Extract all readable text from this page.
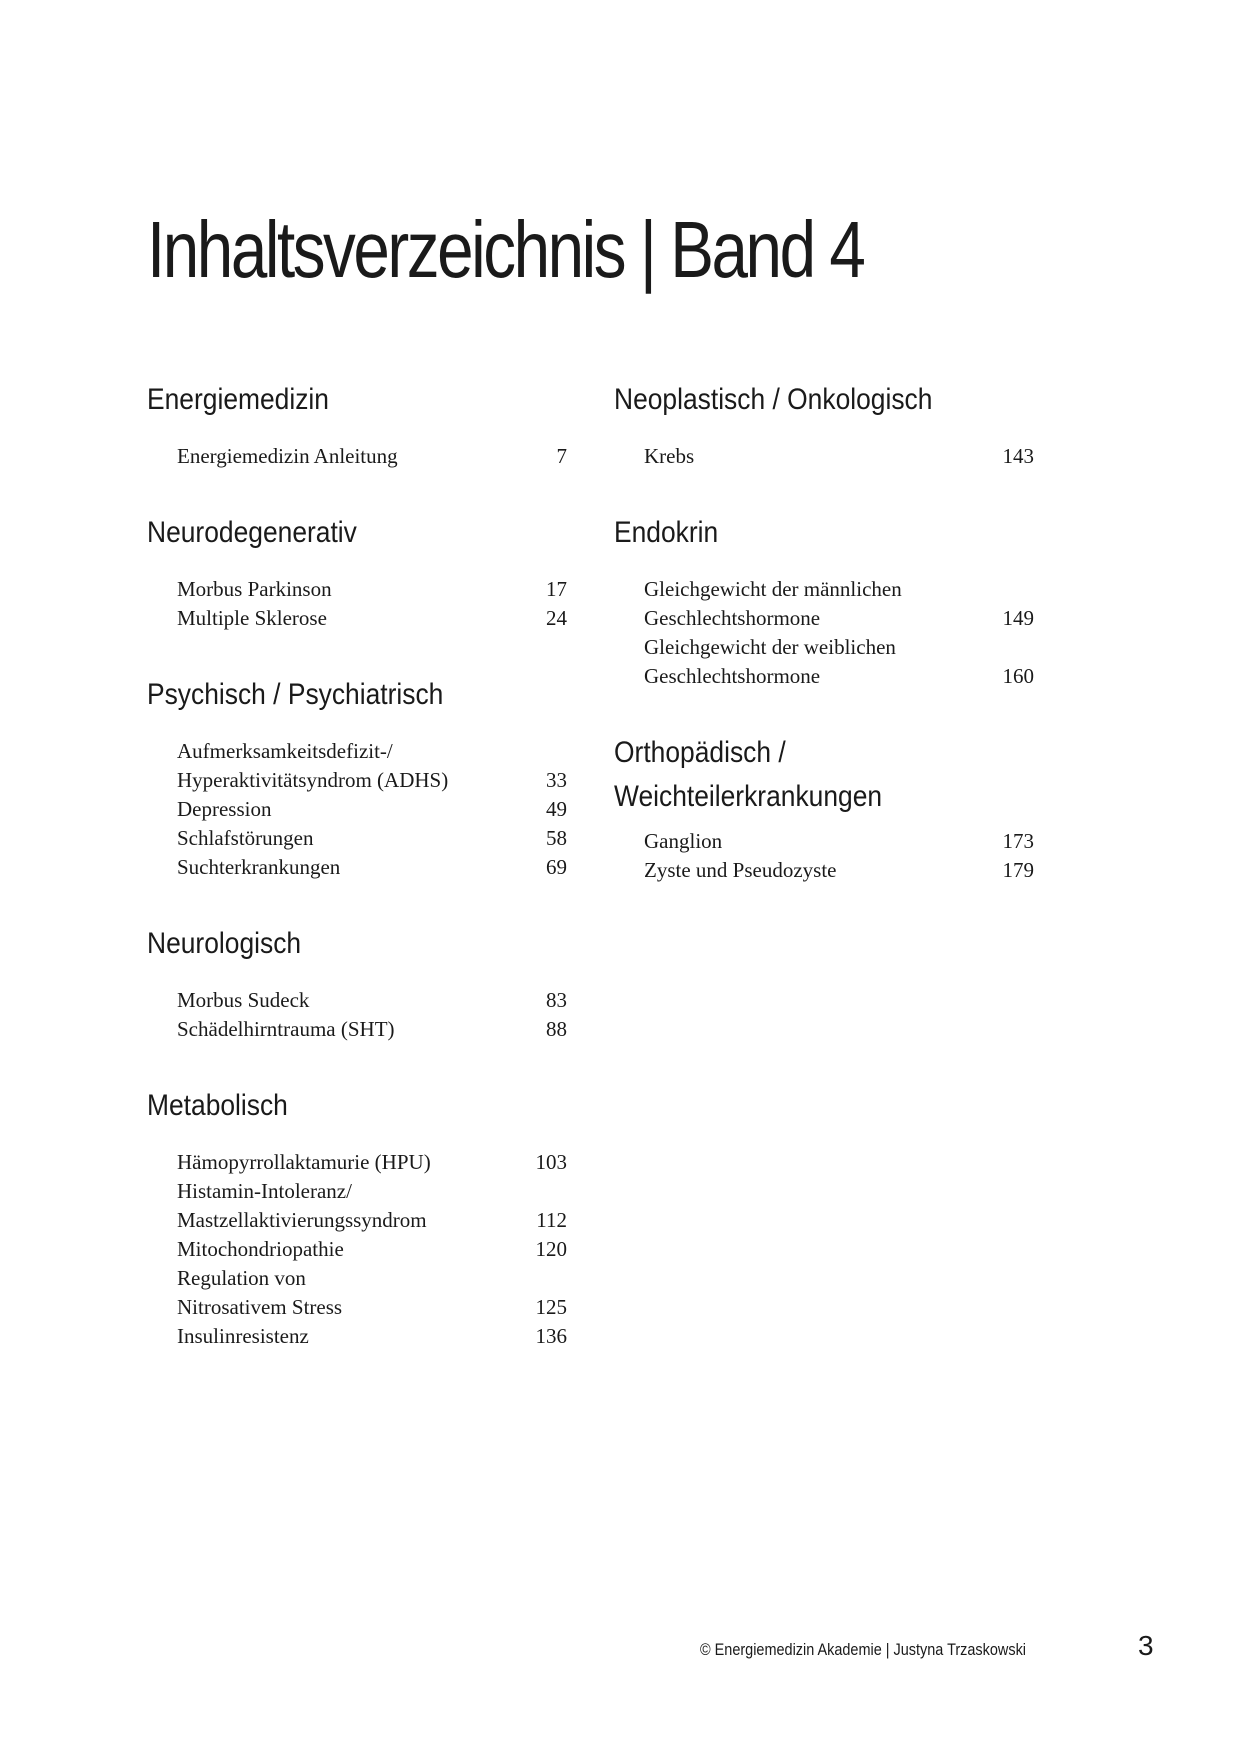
Inhaltsverzeichnis | Band 4
Energiemedizin
Energiemedizin Anleitung	7
Neurodegenerativ
Morbus Parkinson	17
Multiple Sklerose	24
Psychisch / Psychiatrisch
Aufmerksamkeitsdefizit-/
Hyperaktivitätsyndrom (ADHS)	33
Depression	49
Schlafstörungen	58
Suchterkrankungen	69
Neurologisch
Morbus Sudeck	83
Schädelhirntrauma (SHT)	88
Metabolisch
Hämopyrrollaktamurie (HPU)	103
Histamin-Intoleranz/
Mastzellaktivierungssyndrom	112
Mitochondriopathie	120
Regulation von
Nitrosativem Stress	125
Insulinresistenz	136
Neoplastisch / Onkologisch
Krebs	143
Endokrin
Gleichgewicht der männlichen
Geschlechtshormone	149
Gleichgewicht der weiblichen
Geschlechtshormone	160
Orthopädisch / Weichteilerkrankungen
Ganglion	173
Zyste und Pseudozyste	179
© Energiemedizin Akademie | Justyna Trzaskowski	3
